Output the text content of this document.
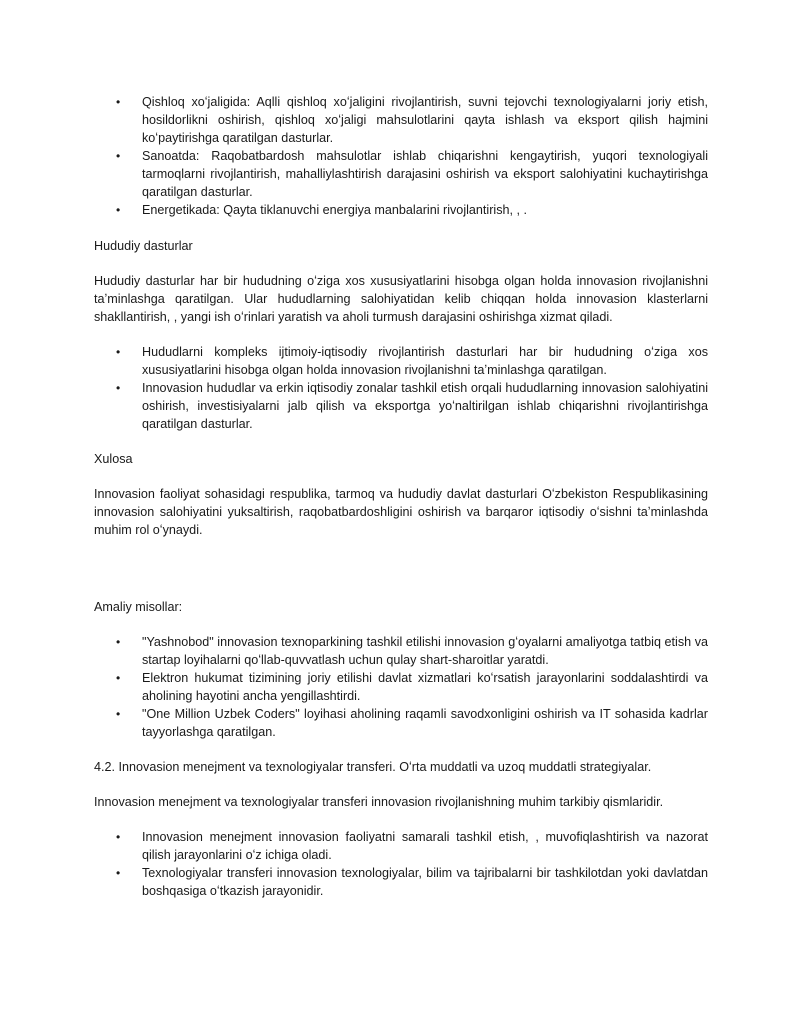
• Qishloq xoʻjaligida: Aqlli qishloq xoʻjaligini rivojlantirish, suvni tejovchi texnologiyalarni joriy etish, hosildorlikni oshirish, qishloq xoʻjaligi mahsulotlarini qayta ishlash va eksport qilish hajmini koʻpaytirishga qaratilgan dasturlar.
• Sanoatda: Raqobatbardosh mahsulotlar ishlab chiqarishni kengaytirish, yuqori texnologiyali tarmoqlarni rivojlantirish, mahalliylashtirish darajasini oshirish va eksport salohiyatini kuchaytirishga qaratilgan dasturlar.
• Energetikada: Qayta tiklanuvchi energiya manbalarini rivojlantirish, , .

Hududiy dasturlar

Hududiy dasturlar har bir hududning oʻziga xos xususiyatlarini hisobga olgan holda innovasion rivojlanishni taʼminlashga qaratilgan. Ular hududlarning salohiyatidan kelib chiqqan holda innovasion klasterlarni shakllantirish, , yangi ish oʻrinlari yaratish va aholi turmush darajasini oshirishga xizmat qiladi.

• Hududlarni kompleks ijtimoiy-iqtisodiy rivojlantirish dasturlari har bir hududning oʻziga xos xususiyatlarini hisobga olgan holda innovasion rivojlanishni taʼminlashga qaratilgan.
• Innovasion hududlar va erkin iqtisodiy zonalar tashkil etish orqali hududlarning innovasion salohiyatini oshirish, investisiyalarni jalb qilish va eksportga yoʻnaltirilgan ishlab chiqarishni rivojlantirishga qaratilgan dasturlar.

Xulosa

Innovasion faoliyat sohasidagi respublika, tarmoq va hududiy davlat dasturlari Oʻzbekiston Respublikasining innovasion salohiyatini yuksaltirish, raqobatbardoshligini oshirish va barqaror iqtisodiy oʻsishni taʼminlashda muhim rol oʻynaydi.

Amaliy misollar:

• "Yashnobod" innovasion texnoparkining tashkil etilishi innovasion gʻoyalarni amaliyotga tatbiq etish va startap loyihalarni qoʻllab-quvvatlash uchun qulay shart-sharoitlar yaratdi.
• Elektron hukumat tizimining joriy etilishi davlat xizmatlari koʻrsatish jarayonlarini soddalashtirdi va aholining hayotini ancha yengillashtirdi.
• "One Million Uzbek Coders" loyihasi aholining raqamli savodxonligini oshirish va IT sohasida kadrlar tayyorlashga qaratilgan.

4.2. Innovasion menejment va texnologiyalar transferi. Oʻrta muddatli va uzoq muddatli strategiyalar.

Innovasion menejment va texnologiyalar transferi innovasion rivojlanishning muhim tarkibiy qismlaridir.

• Innovasion menejment innovasion faoliyatni samarali tashkil etish, , muvofiqlashtirish va nazorat qilish jarayonlarini oʻz ichiga oladi.
• Texnologiyalar transferi innovasion texnologiyalar, bilim va tajribalarni bir tashkilotdan yoki davlatdan boshqasiga oʻtkazish jarayonidir.
